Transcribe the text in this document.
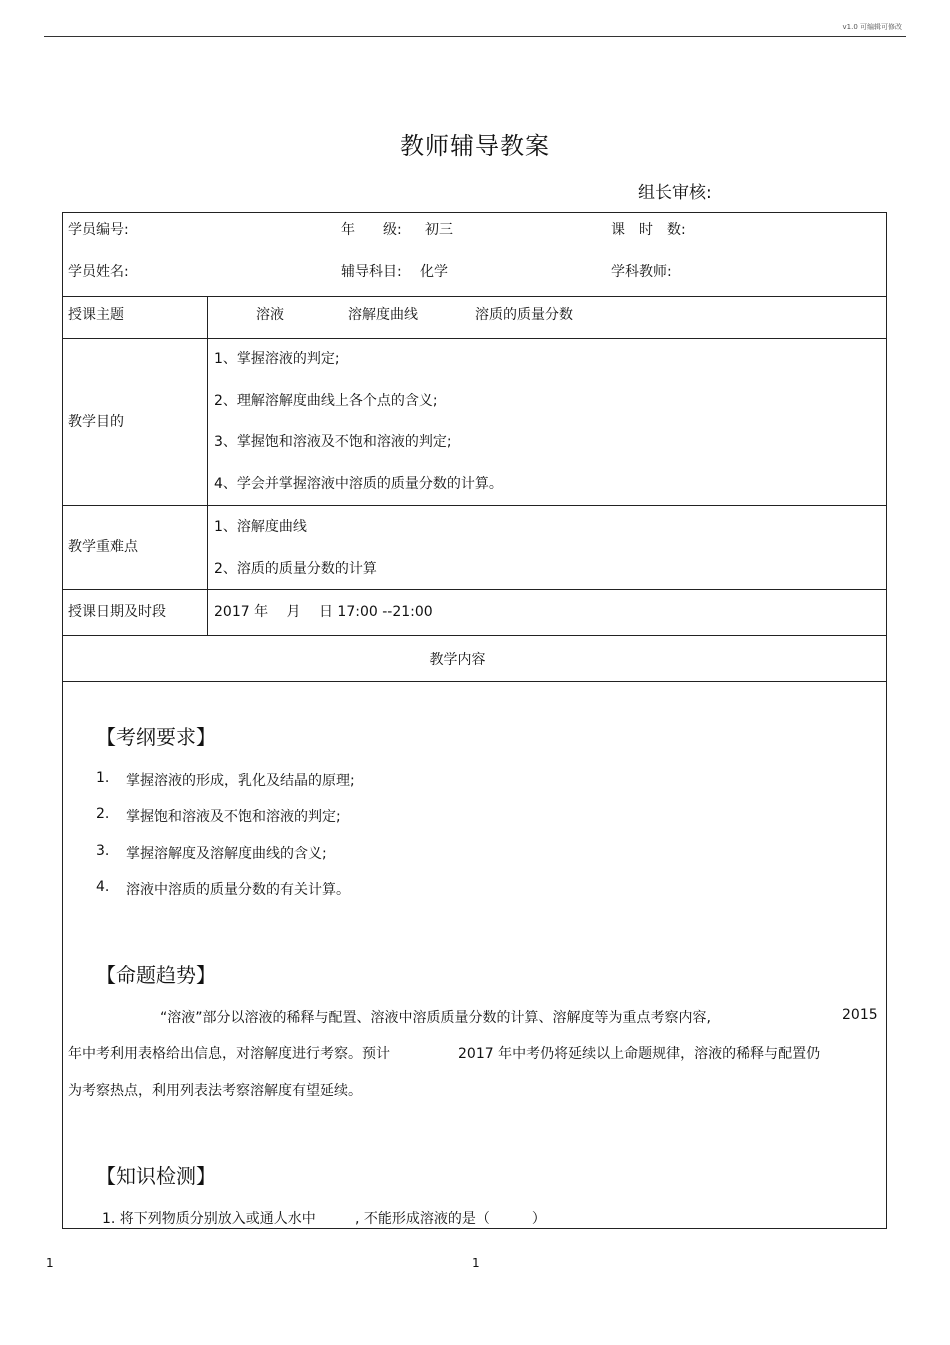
v1.0 可编辑可修改
教师辅导教案
组长审核:
学员编号:	年　　级: 初三	课　时　数:
学员姓名:	辅导科目: 化学	学科教师:
授课主题	溶液	溶解度曲线	溶质的质量分数
教学目的
1、掌握溶液的判定;
2、理解溶解度曲线上各个点的含义;
3、掌握饱和溶液及不饱和溶液的判定;
4、学会并掌握溶液中溶质的质量分数的计算。
教学重难点
1、溶解度曲线
2、溶质的质量分数的计算
授课日期及时段	2017 年　 月　 日 17:00 --21:00
教学内容
【考纲要求】
1. 掌握溶液的形成，乳化及结晶的原理;
2. 掌握饱和溶液及不饱和溶液的判定;
3. 掌握溶解度及溶解度曲线的含义;
4. 溶液中溶质的质量分数的有关计算。
【命题趋势】
“溶液”部分以溶液的稀释与配置、溶液中溶质质量分数的计算、溶解度等为重点考察内容,	2015
年中考利用表格给出信息，对溶解度进行考察。预计	2017 年中考仍将延续以上命题规律，溶液的稀释与配置仍
为考察热点，利用列表法考察溶解度有望延续。
【知识检测】
1. 将下列物质分别放入或通人水中	, 不能形成溶液的是（　　　）
1	1
